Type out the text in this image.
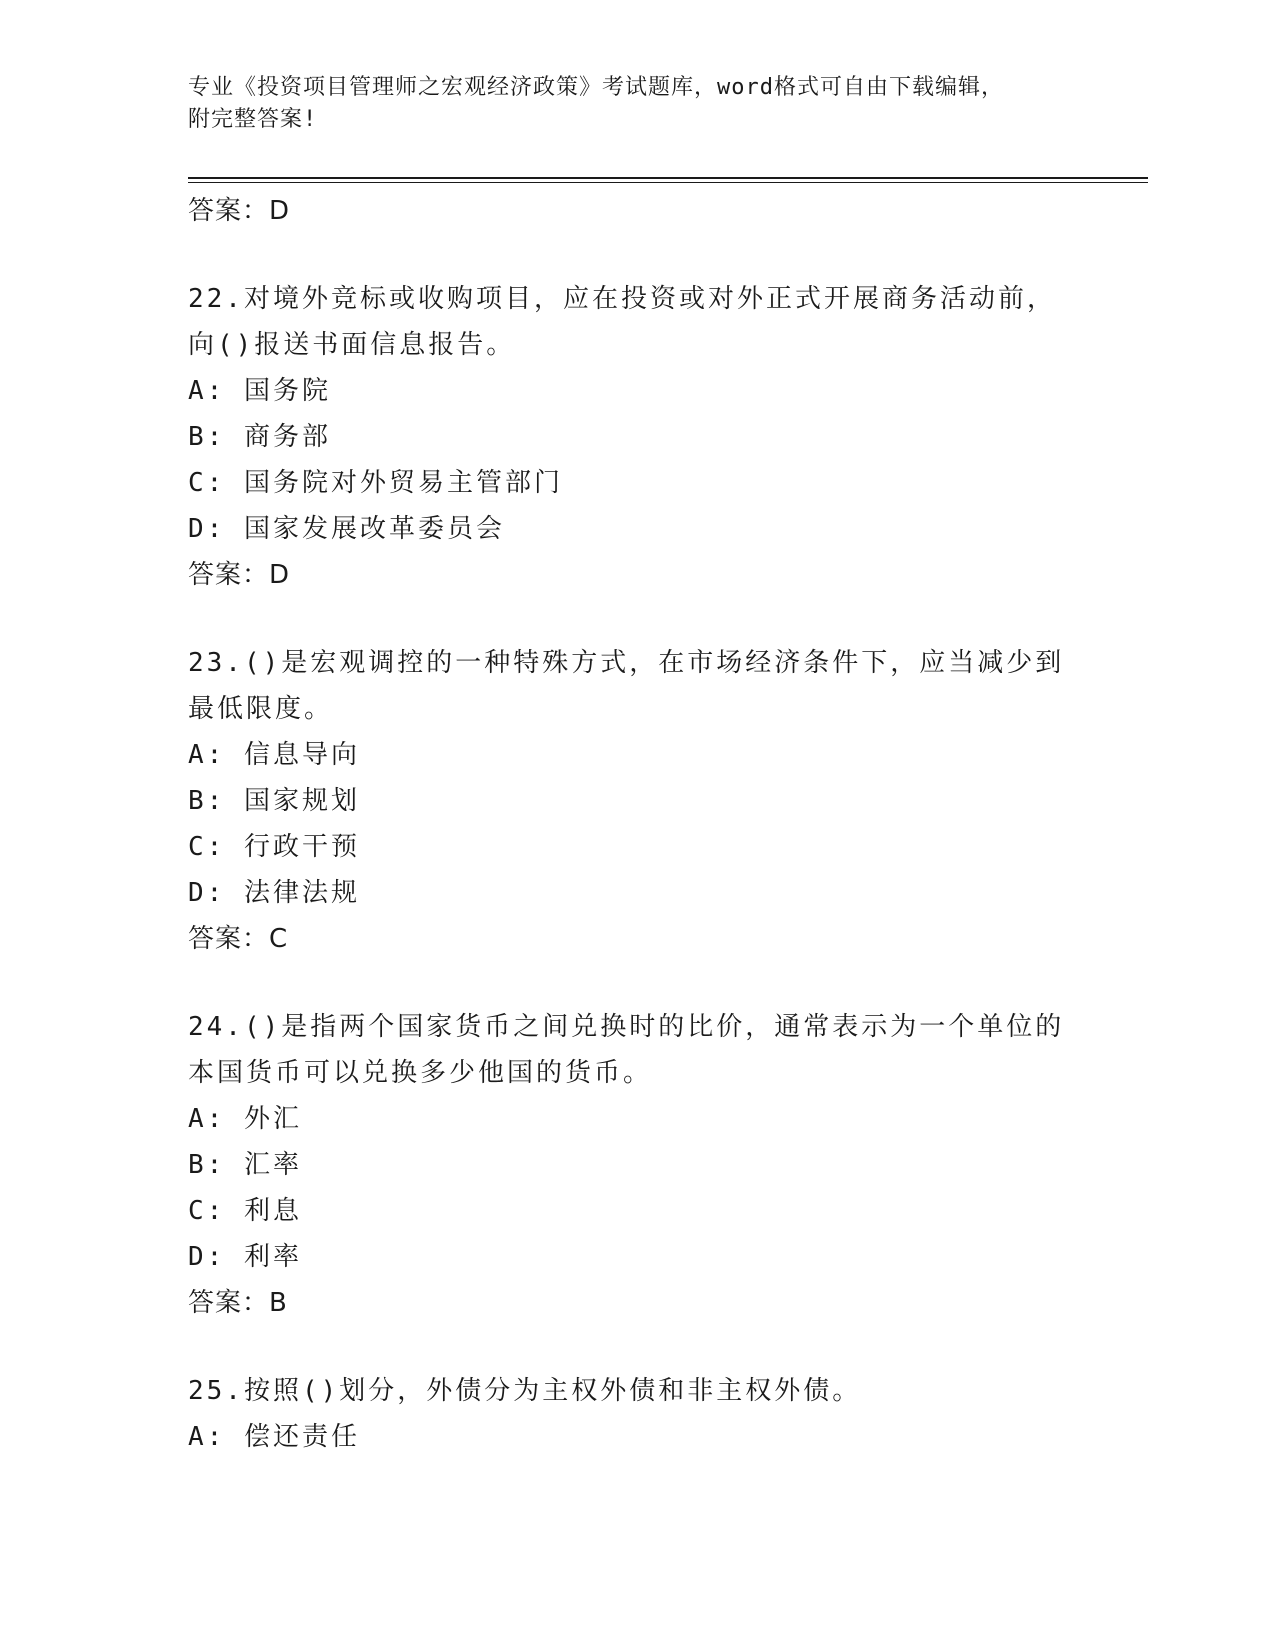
专业《投资项目管理师之宏观经济政策》考试题库，word格式可自由下载编辑，
附完整答案!

答案：D

22.对境外竞标或收购项目，应在投资或对外正式开展商务活动前，向()报送书面信息报告。

A: 国务院

B: 商务部

C: 国务院对外贸易主管部门

D: 国家发展改革委员会

答案：D

23.()是宏观调控的一种特殊方式，在市场经济条件下，应当减少到最低限度。

A: 信息导向

B: 国家规划

C: 行政干预

D: 法律法规

答案：C

24.()是指两个国家货币之间兑换时的比价，通常表示为一个单位的本国货币可以兑换多少他国的货币。

A: 外汇

B: 汇率

C: 利息

D: 利率

答案：B

25.按照()划分，外债分为主权外债和非主权外债。

A: 偿还责任
